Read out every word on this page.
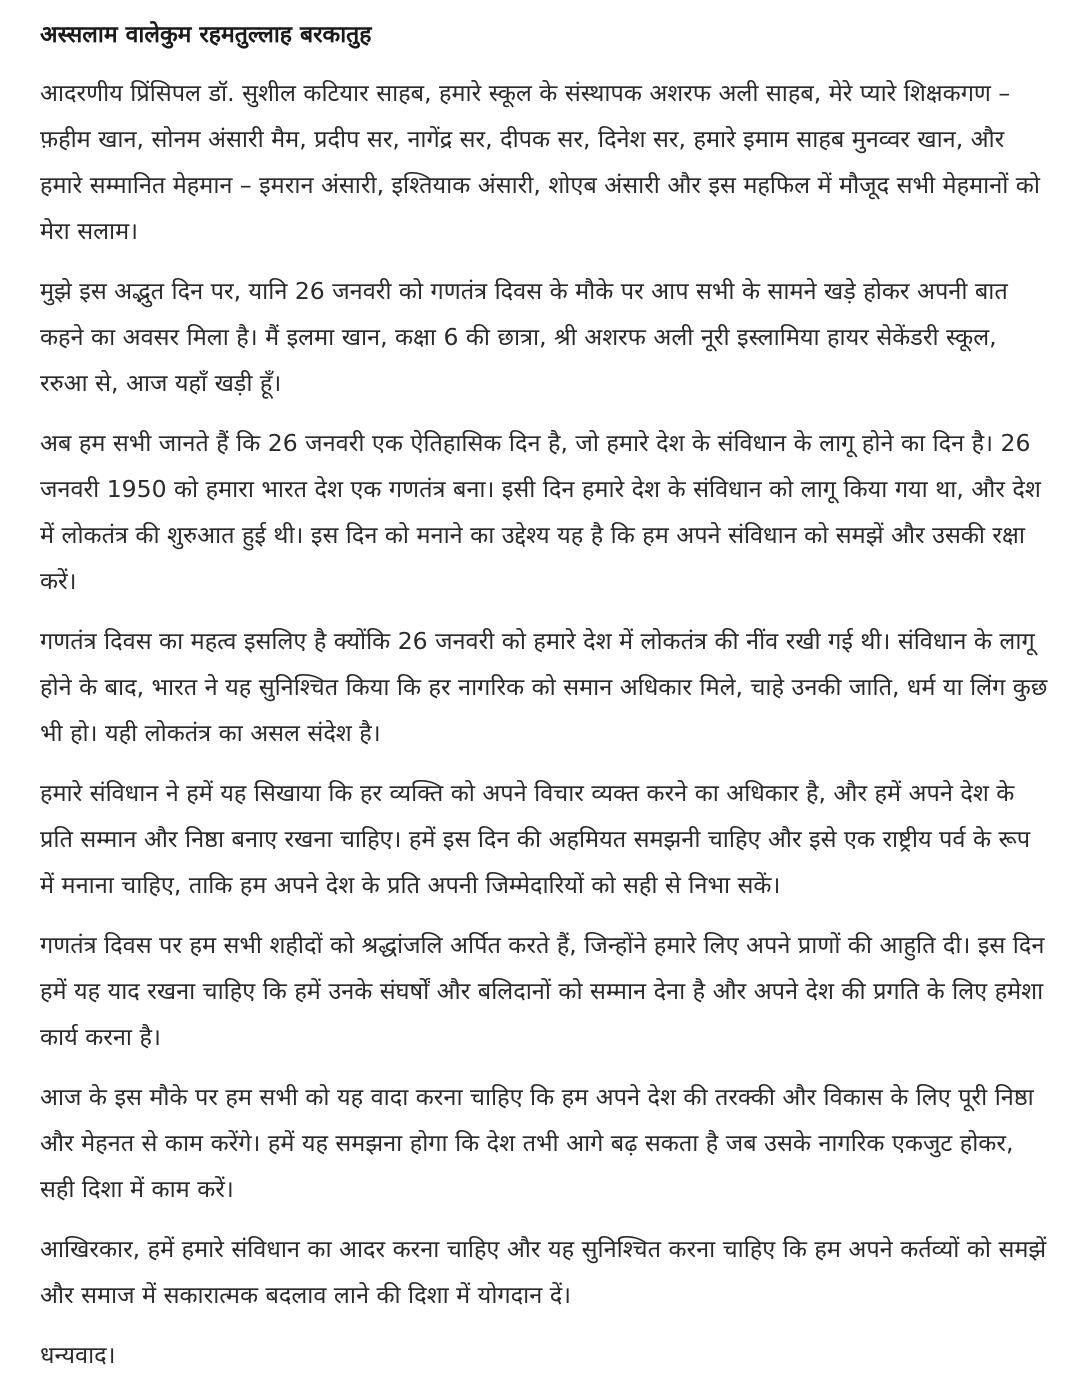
अस्सलाम वालेकुम रहमतुल्लाह बरकातुह

आदरणीय प्रिंसिपल डॉ. सुशील कटियार साहब, हमारे स्कूल के संस्थापक अशरफ अली साहब, मेरे प्यारे शिक्षकगण – फ़हीम खान, सोनम अंसारी मैम, प्रदीप सर, नागेंद्र सर, दीपक सर, दिनेश सर, हमारे इमाम साहब मुनव्वर खान, और हमारे सम्मानित मेहमान – इमरान अंसारी, इश्तियाक अंसारी, शोएब अंसारी और इस महफिल में मौजूद सभी मेहमानों को मेरा सलाम।

मुझे इस अद्भुत दिन पर, यानि 26 जनवरी को गणतंत्र दिवस के मौके पर आप सभी के सामने खड़े होकर अपनी बात कहने का अवसर मिला है। मैं इलमा खान, कक्षा 6 की छात्रा, श्री अशरफ अली नूरी इस्लामिया हायर सेकेंडरी स्कूल, ररुआ से, आज यहाँ खड़ी हूँ।

अब हम सभी जानते हैं कि 26 जनवरी एक ऐतिहासिक दिन है, जो हमारे देश के संविधान के लागू होने का दिन है। 26 जनवरी 1950 को हमारा भारत देश एक गणतंत्र बना। इसी दिन हमारे देश के संविधान को लागू किया गया था, और देश में लोकतंत्र की शुरुआत हुई थी। इस दिन को मनाने का उद्देश्य यह है कि हम अपने संविधान को समझें और उसकी रक्षा करें।

गणतंत्र दिवस का महत्व इसलिए है क्योंकि 26 जनवरी को हमारे देश में लोकतंत्र की नींव रखी गई थी। संविधान के लागू होने के बाद, भारत ने यह सुनिश्चित किया कि हर नागरिक को समान अधिकार मिले, चाहे उनकी जाति, धर्म या लिंग कुछ भी हो। यही लोकतंत्र का असल संदेश है।

हमारे संविधान ने हमें यह सिखाया कि हर व्यक्ति को अपने विचार व्यक्त करने का अधिकार है, और हमें अपने देश के प्रति सम्मान और निष्ठा बनाए रखना चाहिए। हमें इस दिन की अहमियत समझनी चाहिए और इसे एक राष्ट्रीय पर्व के रूप में मनाना चाहिए, ताकि हम अपने देश के प्रति अपनी जिम्मेदारियों को सही से निभा सकें।

गणतंत्र दिवस पर हम सभी शहीदों को श्रद्धांजलि अर्पित करते हैं, जिन्होंने हमारे लिए अपने प्राणों की आहुति दी। इस दिन हमें यह याद रखना चाहिए कि हमें उनके संघर्षों और बलिदानों को सम्मान देना है और अपने देश की प्रगति के लिए हमेशा कार्य करना है।

आज के इस मौके पर हम सभी को यह वादा करना चाहिए कि हम अपने देश की तरक्की और विकास के लिए पूरी निष्ठा और मेहनत से काम करेंगे। हमें यह समझना होगा कि देश तभी आगे बढ़ सकता है जब उसके नागरिक एकजुट होकर, सही दिशा में काम करें।

आखिरकार, हमें हमारे संविधान का आदर करना चाहिए और यह सुनिश्चित करना चाहिए कि हम अपने कर्तव्यों को समझें और समाज में सकारात्मक बदलाव लाने की दिशा में योगदान दें।

धन्यवाद।
